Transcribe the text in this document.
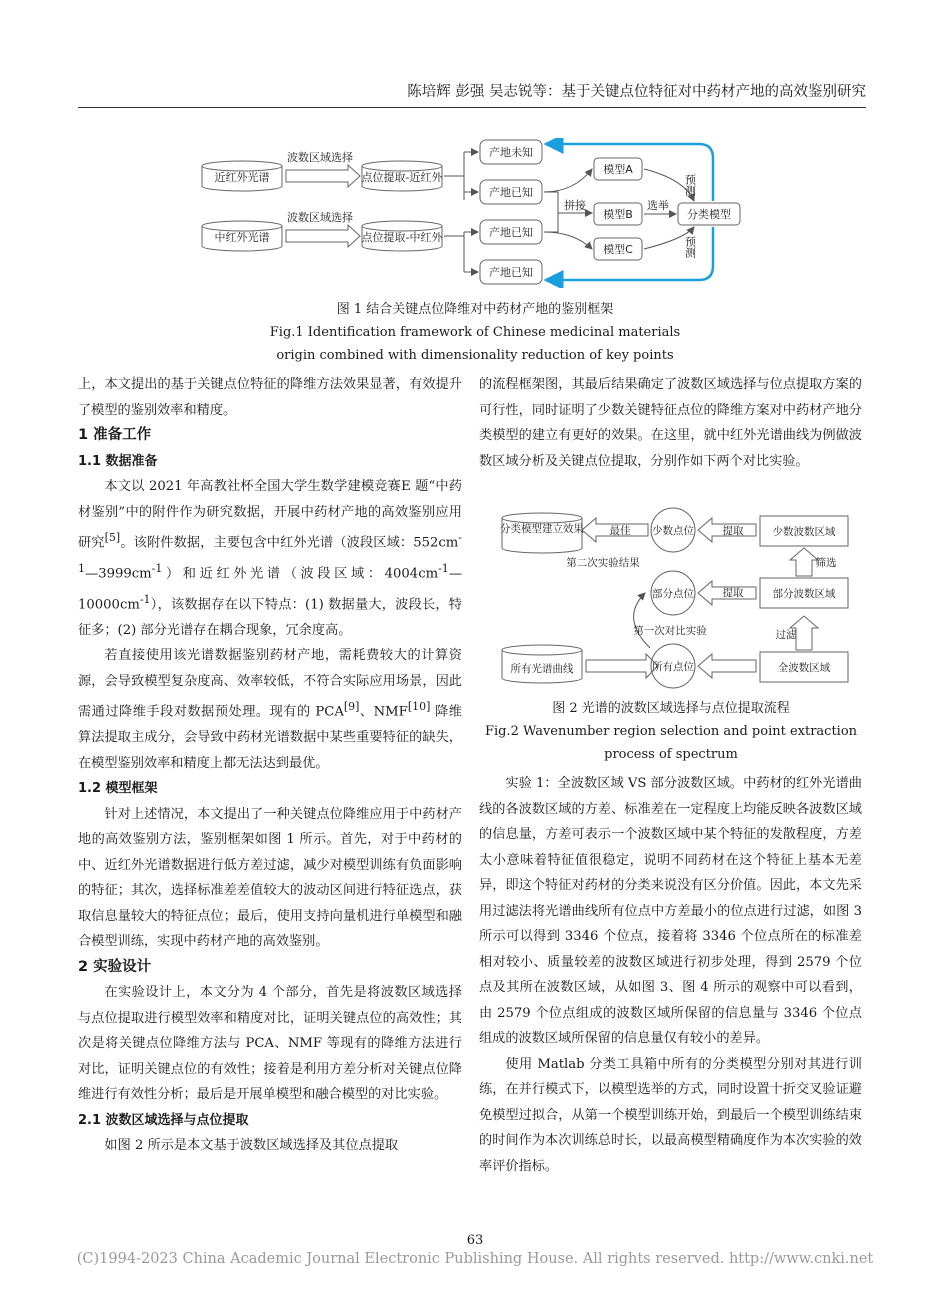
陈培辉 彭强 吴志锐等：基于关键点位特征对中药材产地的高效鉴别研究
近红外光谱
中红外光谱
波数区域选择
波数区域选择
点位提取-近红外
点位提取-中红外
产地未知
产地已知
产地已知
产地已知
模型A
模型B
模型C
拼接	选举
分类模型
预测
预测
图 1 结合关键点位降维对中药材产地的鉴别框架
Fig.1 Identification framework of Chinese medicinal materials
origin combined with dimensionality reduction of key points

上，本文提出的基于关键点位特征的降维方法效果显著，有效提升了模型的鉴别效率和精度。

1 准备工作
1.1 数据准备

本文以 2021 年高教社杯全国大学生数学建模竞赛E 题“中药材鉴别”中的附件作为研究数据，开展中药材产地的高效鉴别应用研究[5]。该附件数据，主要包含中红外光谱（波段区域：$552cm^{-1}—3999cm^{-1}$）和近红外光谱（波段区域：$4004cm^{-1}—10000cm^{-1}$），该数据存在以下特点：(1) 数据量大，波段长，特征多；(2) 部分光谱存在耦合现象，冗余度高。

若直接使用该光谱数据鉴别药材产地，需耗费较大的计算资源，会导致模型复杂度高、效率较低，不符合实际应用场景，因此需通过降维手段对数据预处理。现有的 PCA[9]、NMF[10] 降维算法提取主成分，会导致中药材光谱数据中某些重要特征的缺失，在模型鉴别效率和精度上都无法达到最优。

1.2 模型框架

针对上述情况，本文提出了一种关键点位降维应用于中药材产地的高效鉴别方法，鉴别框架如图 1 所示。首先，对于中药材的中、近红外光谱数据进行低方差过滤，减少对模型训练有负面影响的特征；其次，选择标准差差值较大的波动区间进行特征选点，获取信息量较大的特征点位；最后，使用支持向量机进行单模型和融合模型训练，实现中药材产地的高效鉴别。

2 实验设计

在实验设计上，本文分为 4 个部分，首先是将波数区域选择与点位提取进行模型效率和精度对比，证明关键点位的高效性；其次是将关键点位降维方法与 PCA、NMF 等现有的降维方法进行对比，证明关键点位的有效性；接着是利用方差分析对关键点位降维进行有效性分析；最后是开展单模型和融合模型的对比实验。

2.1 波数区域选择与点位提取

如图 2 所示是本文基于波数区域选择及其位点提取

的流程框架图，其最后结果确定了波数区域选择与位点提取方案的可行性，同时证明了少数关键特征点位的降维方案对中药材产地分类模型的建立有更好的效果。在这里，就中红外光谱曲线为例做波数区域分析及关键点位提取，分别作如下两个对比实验。

分类模型建立效果 最佳 少数点位	提取	少数波数区域
第二次实验结果	筛选
部分点位	提取	部分波数区域
第一次对比实验	过滤
所有光谱曲线	所有点位	全波数区域
图 2 光谱的波数区域选择与点位提取流程
Fig.2 Wavenumber region selection and point extraction
process of spectrum

实验 1：全波数区域 VS 部分波数区域。中药材的红外光谱曲线的各波数区域的方差、标准差在一定程度上均能反映各波数区域的信息量，方差可表示一个波数区域中某个特征的发散程度，方差太小意味着特征值很稳定，说明不同药材在这个特征上基本无差异，即这个特征对药材的分类来说没有区分价值。因此，本文先采用过滤法将光谱曲线所有位点中方差最小的位点进行过滤，如图 3 所示可以得到 3346 个位点，接着将 3346 个位点所在的标准差相对较小、质量较差的波数区域进行初步处理，得到 2579 个位点及其所在波数区域，从如图 3、图 4 所示的观察中可以看到，由 2579 个位点组成的波数区域所保留的信息量与 3346 个位点组成的波数区域所保留的信息量仅有较小的差异。

使用 Matlab 分类工具箱中所有的分类模型分别对其进行训练，在并行模式下，以模型选举的方式，同时设置十折交叉验证避免模型过拟合，从第一个模型训练开始，到最后一个模型训练结束的时间作为本次训练总时长，以最高模型精确度作为本次实验的效率评价指标。

63
(C)1994-2023 China Academic Journal Electronic Publishing House. All rights reserved. http://www.cnki.net
